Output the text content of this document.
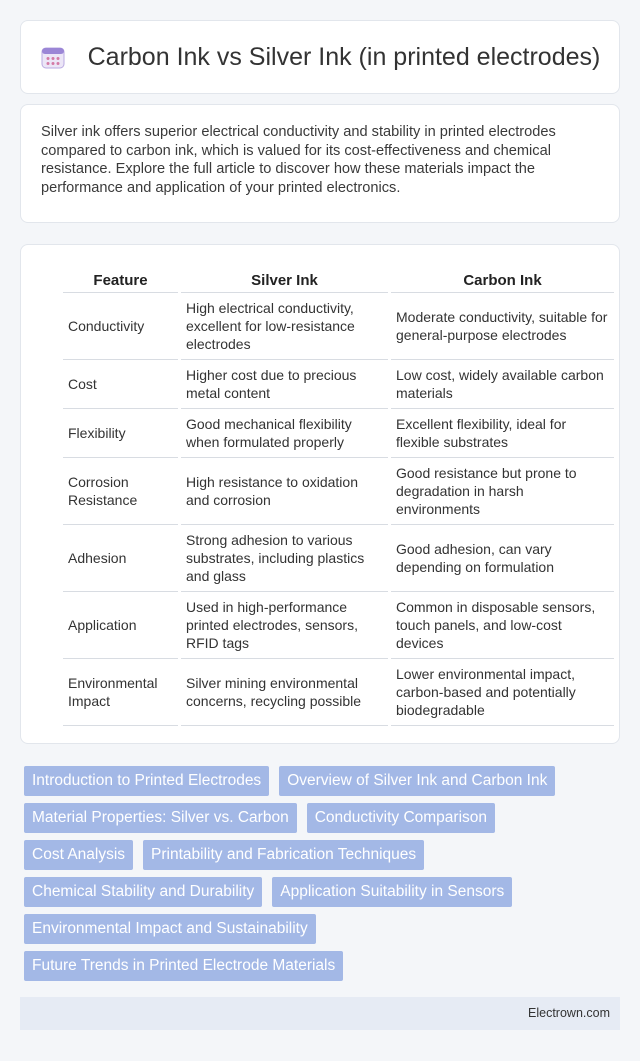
Carbon Ink vs Silver Ink (in printed electrodes)

Silver ink offers superior electrical conductivity and stability in printed electrodes compared to carbon ink, which is valued for its cost-effectiveness and chemical resistance. Explore the full article to discover how these materials impact the performance and application of your printed electronics.

Feature	Silver Ink	Carbon Ink
Conductivity	High electrical conductivity, excellent for low-resistance electrodes	Moderate conductivity, suitable for general-purpose electrodes
Cost	Higher cost due to precious metal content	Low cost, widely available carbon materials
Flexibility	Good mechanical flexibility when formulated properly	Excellent flexibility, ideal for flexible substrates
Corrosion Resistance	High resistance to oxidation and corrosion	Good resistance but prone to degradation in harsh environments
Adhesion	Strong adhesion to various substrates, including plastics and glass	Good adhesion, can vary depending on formulation
Application	Used in high-performance printed electrodes, sensors, RFID tags	Common in disposable sensors, touch panels, and low-cost devices
Environmental Impact	Silver mining environmental concerns, recycling possible	Lower environmental impact, carbon-based and potentially biodegradable
Introduction to Printed Electrodes	Overview of Silver Ink and Carbon Ink
Material Properties: Silver vs. Carbon	Conductivity Comparison
Cost Analysis	Printability and Fabrication Techniques
Chemical Stability and Durability	Application Suitability in Sensors
Environmental Impact and Sustainability
Future Trends in Printed Electrode Materials
Electrown.com
